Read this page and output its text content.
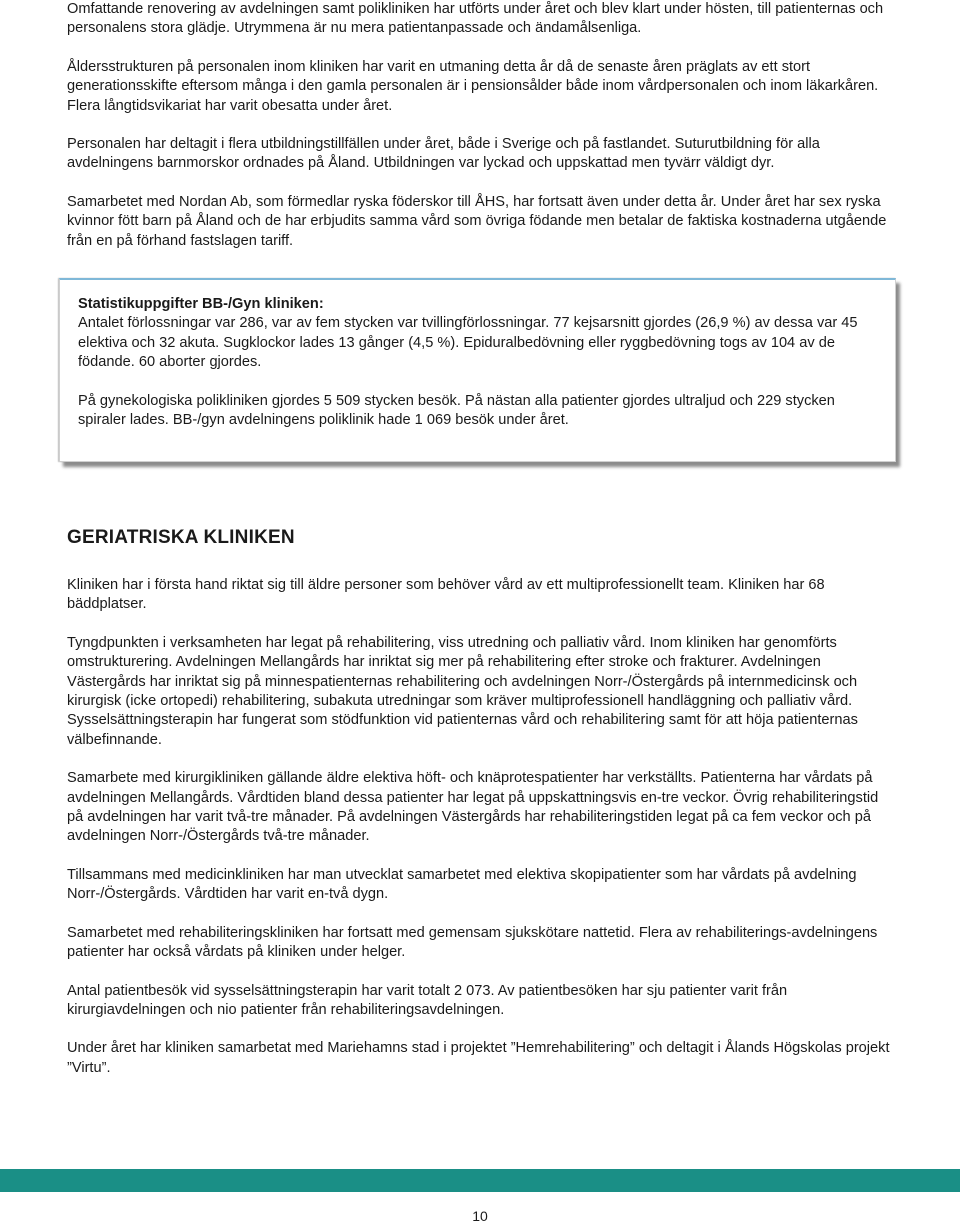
Omfattande renovering av avdelningen samt polikliniken har utförts under året och blev klart under hösten, till patienternas och personalens stora glädje. Utrymmena är nu mera patientanpassade och ändamålsenliga.

Åldersstrukturen på personalen inom kliniken har varit en utmaning detta år då de senaste åren präglats av ett stort generationsskifte eftersom många i den gamla personalen är i pensionsålder både inom vårdpersonalen och inom läkarkåren. Flera långtidsvikariat har varit obesatta under året.

Personalen har deltagit i flera utbildningstillfällen under året, både i Sverige och på fastlandet. Suturutbildning för alla avdelningens barnmorskor ordnades på Åland. Utbildningen var lyckad och uppskattad men tyvärr väldigt dyr.

Samarbetet med Nordan Ab, som förmedlar ryska föderskor till ÅHS, har fortsatt även under detta år. Under året har sex ryska kvinnor fött barn på Åland och de har erbjudits samma vård som övriga födande men betalar de faktiska kostnaderna utgående från en på förhand fastslagen tariff.

Statistikuppgifter BB-/Gyn kliniken:

Antalet förlossningar var 286, var av fem stycken var tvillingförlossningar. 77 kejsarsnitt gjordes (26,9 %) av dessa var 45 elektiva och 32 akuta. Sugklockor lades 13 gånger (4,5 %). Epiduralbedövning eller ryggbedövning togs av 104 av de födande. 60 aborter gjordes.

På gynekologiska polikliniken gjordes 5 509 stycken besök. På nästan alla patienter gjordes ultraljud och 229 stycken spiraler lades. BB-/gyn avdelningens poliklinik hade 1 069 besök under året.

GERIATRISKA KLINIKEN

Kliniken har i första hand riktat sig till äldre personer som behöver vård av ett multiprofessionellt team. Kliniken har 68 bäddplatser.

Tyngdpunkten i verksamheten har legat på rehabilitering, viss utredning och palliativ vård. Inom kliniken har genomförts omstrukturering. Avdelningen Mellangårds har inriktat sig mer på rehabilitering efter stroke och frakturer. Avdelningen Västergårds har inriktat sig på minnespatienternas rehabilitering och avdelningen Norr-/Östergårds på internmedicinsk och kirurgisk (icke ortopedi) rehabilitering, subakuta utredningar som kräver multiprofessionell handläggning och palliativ vård. Sysselsättningsterapin har fungerat som stödfunktion vid patienternas vård och rehabilitering samt för att höja patienternas välbefinnande.

Samarbete med kirurgikliniken gällande äldre elektiva höft- och knäprotespatienter har verkställts. Patienterna har vårdats på avdelningen Mellangårds. Vårdtiden bland dessa patienter har legat på uppskattningsvis en-tre veckor. Övrig rehabiliteringstid på avdelningen har varit två-tre månader. På avdelningen Västergårds har rehabiliteringstiden legat på ca fem veckor och på avdelningen Norr-/Östergårds två-tre månader.

Tillsammans med medicinkliniken har man utvecklat samarbetet med elektiva skopipatienter som har vårdats på avdelning Norr-/Östergårds. Vårdtiden har varit en-två dygn.

Samarbetet med rehabiliteringskliniken har fortsatt med gemensam sjukskötare nattetid. Flera av rehabiliterings-avdelningens patienter har också vårdats på kliniken under helger.

Antal patientbesök vid sysselsättningsterapin har varit totalt 2 073. Av patientbesöken har sju patienter varit från kirurgiavdelningen och nio patienter från rehabiliteringsavdelningen.

Under året har kliniken samarbetat med Mariehamns stad i projektet ”Hemrehabilitering” och deltagit i Ålands Högskolas projekt ”Virtu”.

10
